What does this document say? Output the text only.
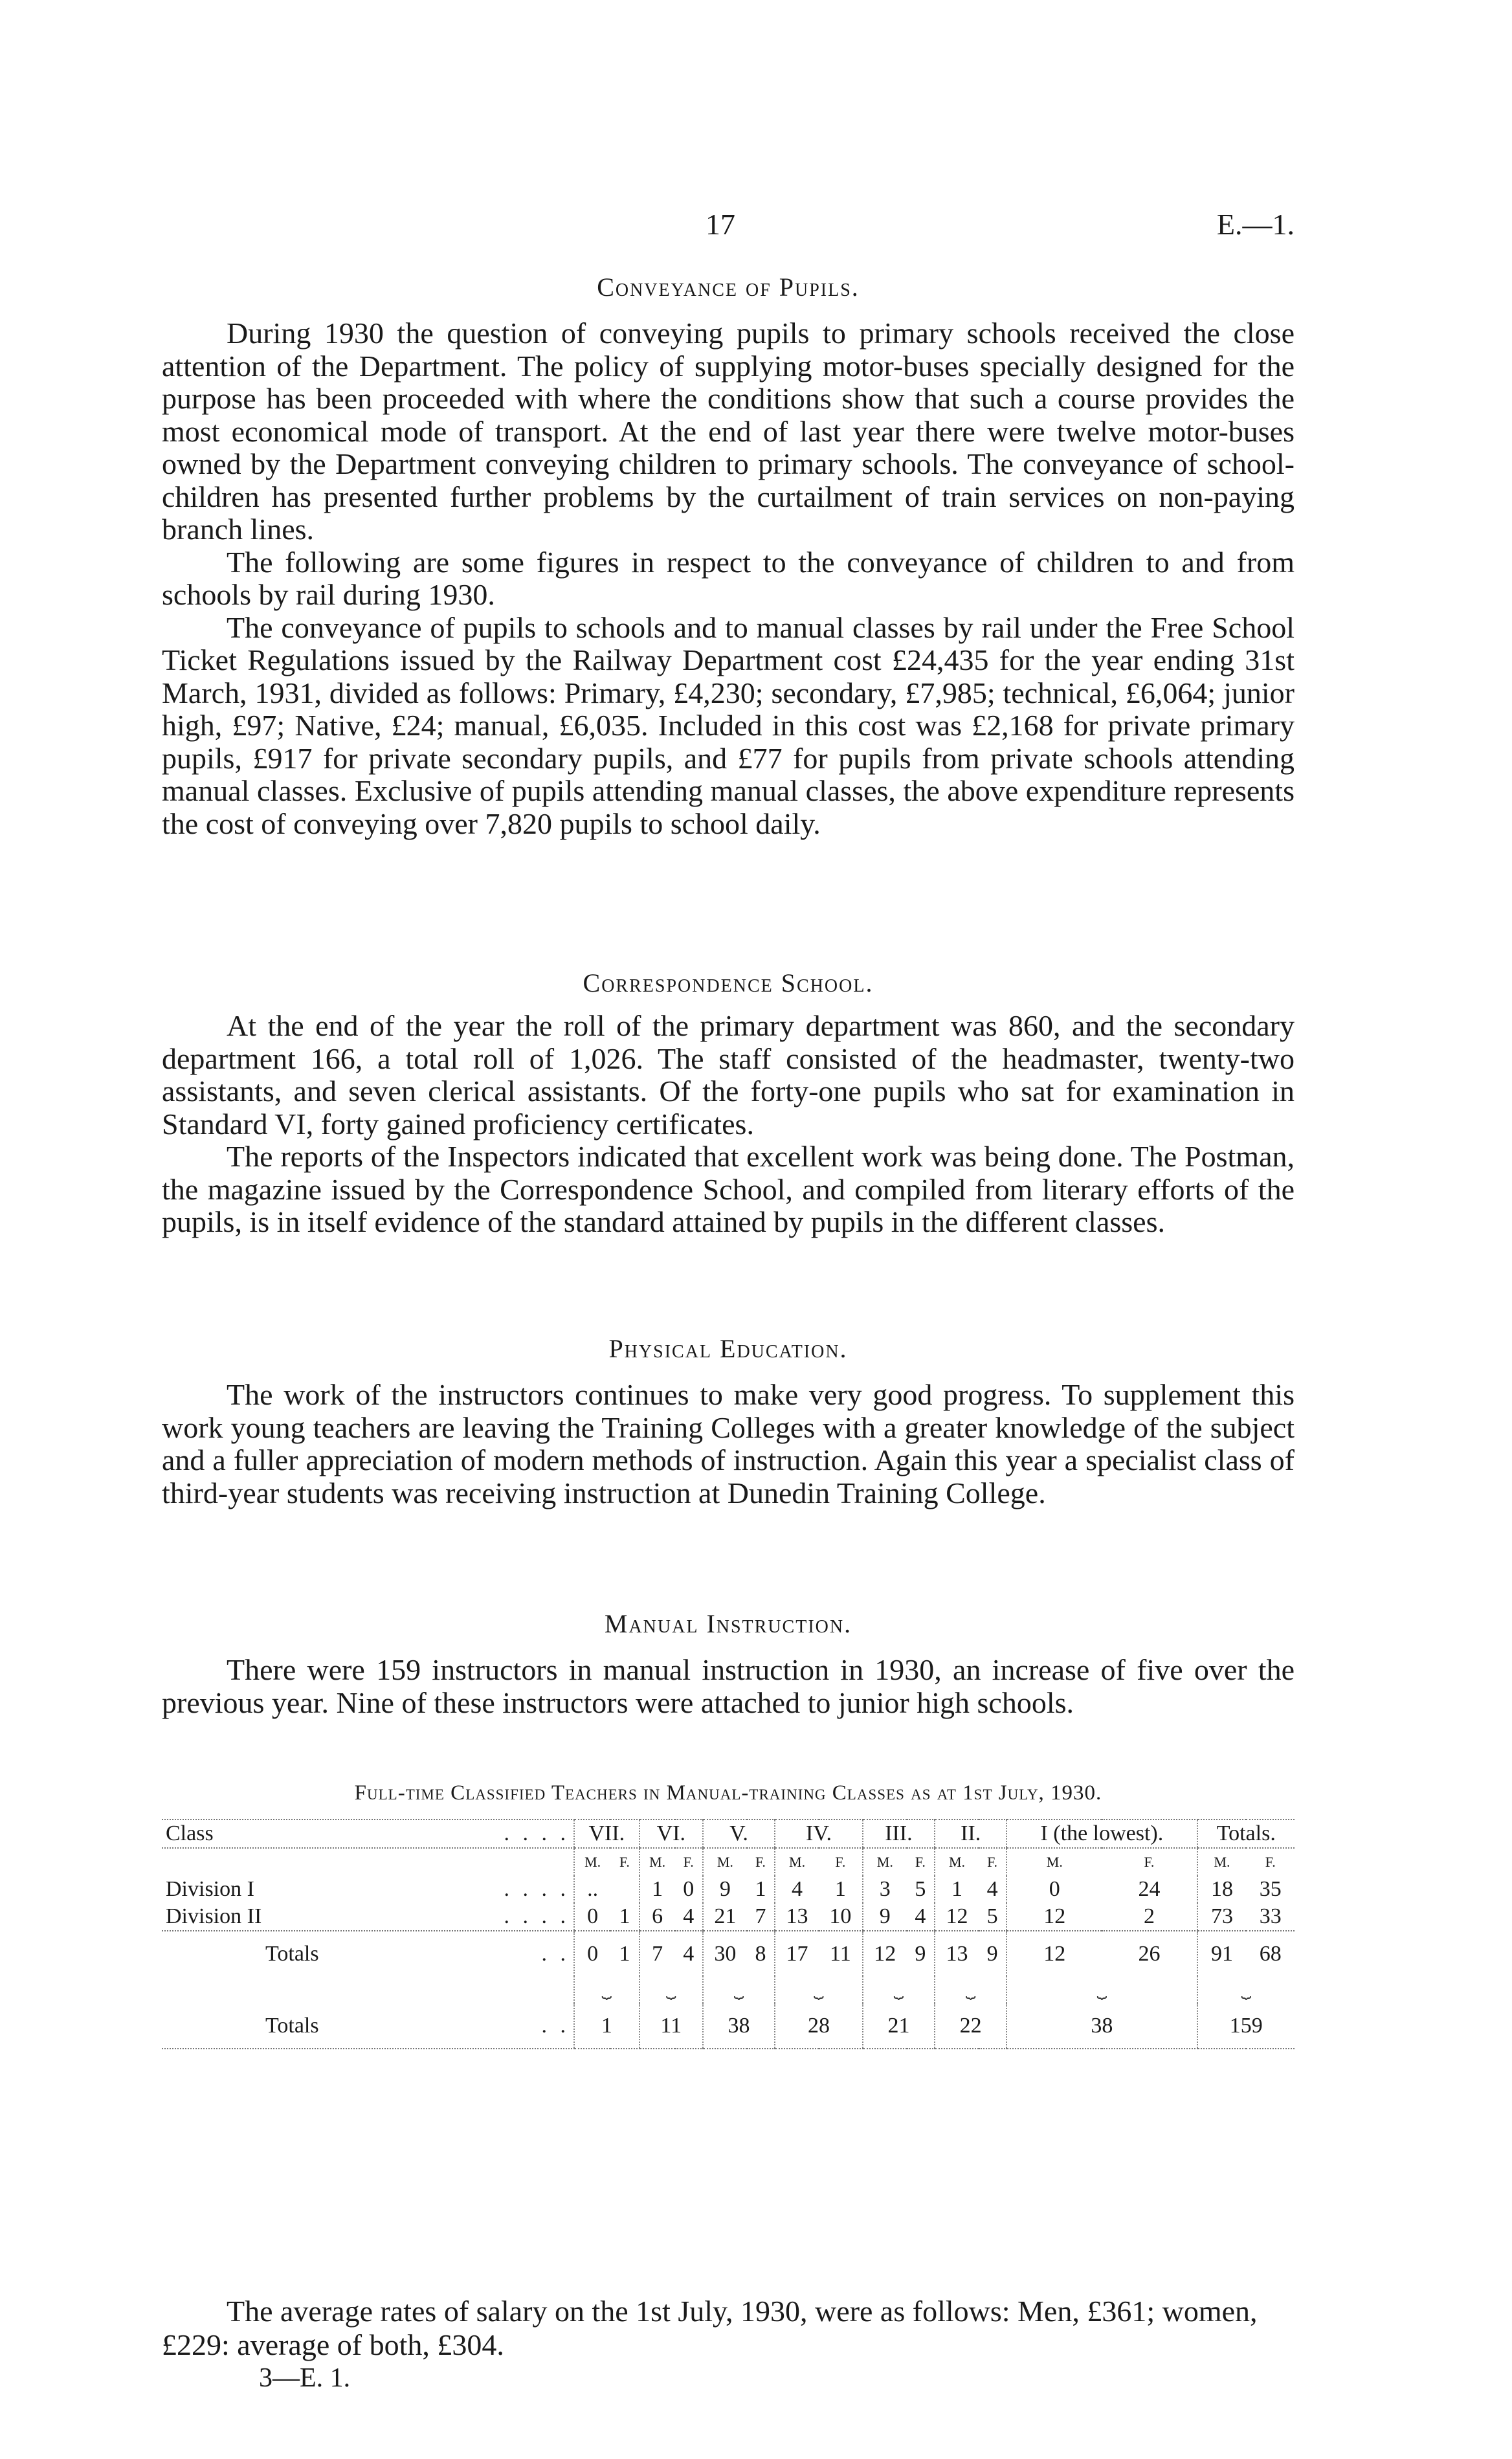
17	E.—1.
Conveyance of Pupils.

During 1930 the question of conveying pupils to primary schools received the close attention of the Department. The policy of supplying motor-buses specially designed for the purpose has been proceeded with where the conditions show that such a course provides the most economical mode of transport. At the end of last year there were twelve motor-buses owned by the Department conveying children to primary schools. The conveyance of school-children has presented further problems by the curtailment of train services on non-paying branch lines.

The following are some figures in respect to the conveyance of children to and from schools by rail during 1930.

The conveyance of pupils to schools and to manual classes by rail under the Free School Ticket Regulations issued by the Railway Department cost £24,435 for the year ending 31st March, 1931, divided as follows: Primary, £4,230; secondary, £7,985; technical, £6,064; junior high, £97; Native, £24; manual, £6,035. Included in this cost was £2,168 for private primary pupils, £917 for private secondary pupils, and £77 for pupils from private schools attending manual classes. Exclusive of pupils attending manual classes, the above expenditure represents the cost of conveying over 7,820 pupils to school daily.

Correspondence School.

At the end of the year the roll of the primary department was 860, and the secondary department 166, a total roll of 1,026. The staff consisted of the headmaster, twenty-two assistants, and seven clerical assistants. Of the forty-one pupils who sat for examination in Standard VI, forty gained proficiency certificates.

The reports of the Inspectors indicated that excellent work was being done. The Postman, the magazine issued by the Correspondence School, and compiled from literary efforts of the pupils, is in itself evidence of the standard attained by pupils in the different classes.

Physical Education.

The work of the instructors continues to make very good progress. To supplement this work young teachers are leaving the Training Colleges with a greater knowledge of the subject and a fuller appreciation of modern methods of instruction. Again this year a specialist class of third-year students was receiving instruction at Dunedin Training College.

Manual Instruction.

There were 159 instructors in manual instruction in 1930, an increase of five over the previous year. Nine of these instructors were attached to junior high schools.

Full-time Classified Teachers in Manual-training Classes as at 1st July, 1930.
Class . . . .	VII.		VI.		V.		IV.		III.		II.		I (the lowest).		Totals.	
	M.	F.	M.	F.	M.	F.	M.	F.	M.	F.	M.	F.	M.	F.	M.	F.
Division I . . . .	..		1	0	9	1	4	1	3	5	1	4	0	24	18	35
Division II . . . .	0	1	6	4	21	7	13	10	9	4	12	5	12	2	73	33
Totals . .	0	1	7	4	30	8	17	11	12	9	13	9	12	26	91	68
	⏟		⏟		⏟		⏟		⏟		⏟		⏟		⏟	
Totals . .	1		11		38		28		21		22		38		159	

The average rates of salary on the 1st July, 1930, were as follows: Men, £361; women, £229: average of both, £304.

3—E. 1.
